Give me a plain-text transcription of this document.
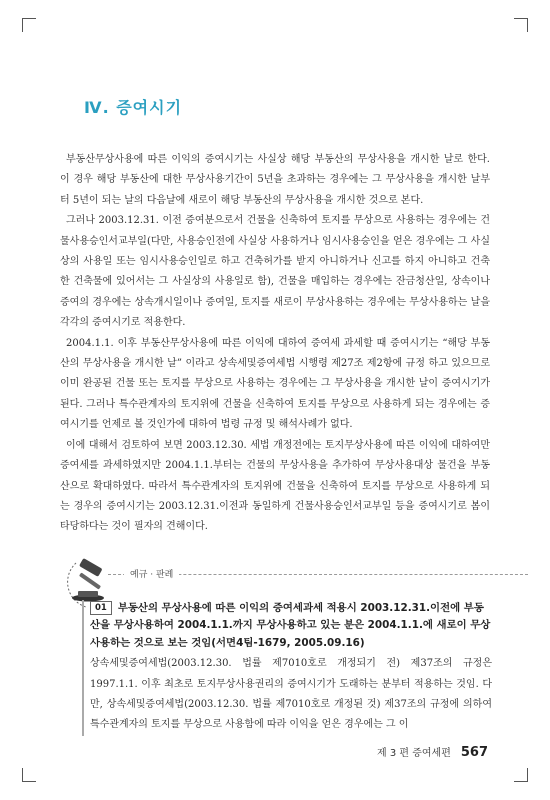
Ⅳ. 증여시기

부동산무상사용에 따른 이익의 증여시기는 사실상 해당 부동산의 무상사용을 개시한 날로 한다. 이 경우 해당 부동산에 대한 무상사용기간이 5년을 초과하는 경우에는 그 무상사용을 개시한 날부터 5년이 되는 날의 다음날에 새로이 해당 부동산의 무상사용을 개시한 것으로 본다.

그러나 2003.12.31. 이전 증여분으로서 건물을 신축하여 토지를 무상으로 사용하는 경우에는 건물사용승인서교부일(다만, 사용승인전에 사실상 사용하거나 임시사용승인을 얻은 경우에는 그 사실상의 사용일 또는 임시사용승인일로 하고 건축허가를 받지 아니하거나 신고를 하지 아니하고 건축한 건축물에 있어서는 그 사실상의 사용일로 함), 건물을 매입하는 경우에는 잔금청산일, 상속이나 증여의 경우에는 상속개시일이나 증여일, 토지를 새로이 무상사용하는 경우에는 무상사용하는 날을 각각의 증여시기로 적용한다.

2004.1.1. 이후 부동산무상사용에 따른 이익에 대하여 증여세 과세할 때 증여시기는 “해당 부동산의 무상사용을 개시한 날” 이라고 상속세및증여세법 시행령 제27조 제2항에 규정 하고 있으므로 이미 완공된 건물 또는 토지를 무상으로 사용하는 경우에는 그 무상사용을 개시한 날이 증여시기가 된다. 그러나 특수관계자의 토지위에 건물을 신축하여 토지를 무상으로 사용하게 되는 경우에는 증여시기를 언제로 볼 것인가에 대하여 법령 규정 및 해석사례가 없다.

이에 대해서 검토하여 보면 2003.12.30. 세법 개정전에는 토지무상사용에 따른 이익에 대하여만 증여세를 과세하였지만 2004.1.1.부터는 건물의 무상사용을 추가하여 무상사용대상 물건을 부동산으로 확대하였다. 따라서 특수관계자의 토지위에 건물을 신축하여 토지를 무상으로 사용하게 되는 경우의 증여시기는 2003.12.31.이전과 동일하게 건물사용승인서교부일 등을 증여시기로 봄이 타당하다는 것이 필자의 견해이다.

예규 · 판례
01 부동산의 무상사용에 따른 이익의 증여세과세 적용시 2003.12.31.이전에 부동산을 무상사용하여 2004.1.1.까지 무상사용하고 있는 분은 2004.1.1.에 새로이 무상사용하는 것으로 보는 것임(서면4팀-1679, 2005.09.16)

상속세및증여세법(2003.12.30. 법률 제7010호로 개정되기 전) 제37조의 규정은 1997.1.1. 이후 최초로 토지무상사용권리의 증여시기가 도래하는 분부터 적용하는 것임. 다만, 상속세및증여세법(2003.12.30. 법률 제7010호로 개정된 것) 제37조의 규정에 의하여 특수관계자의 토지를 무상으로 사용함에 따라 이익을 얻은 경우에는 그 이

제 3 편 증여세편 567
